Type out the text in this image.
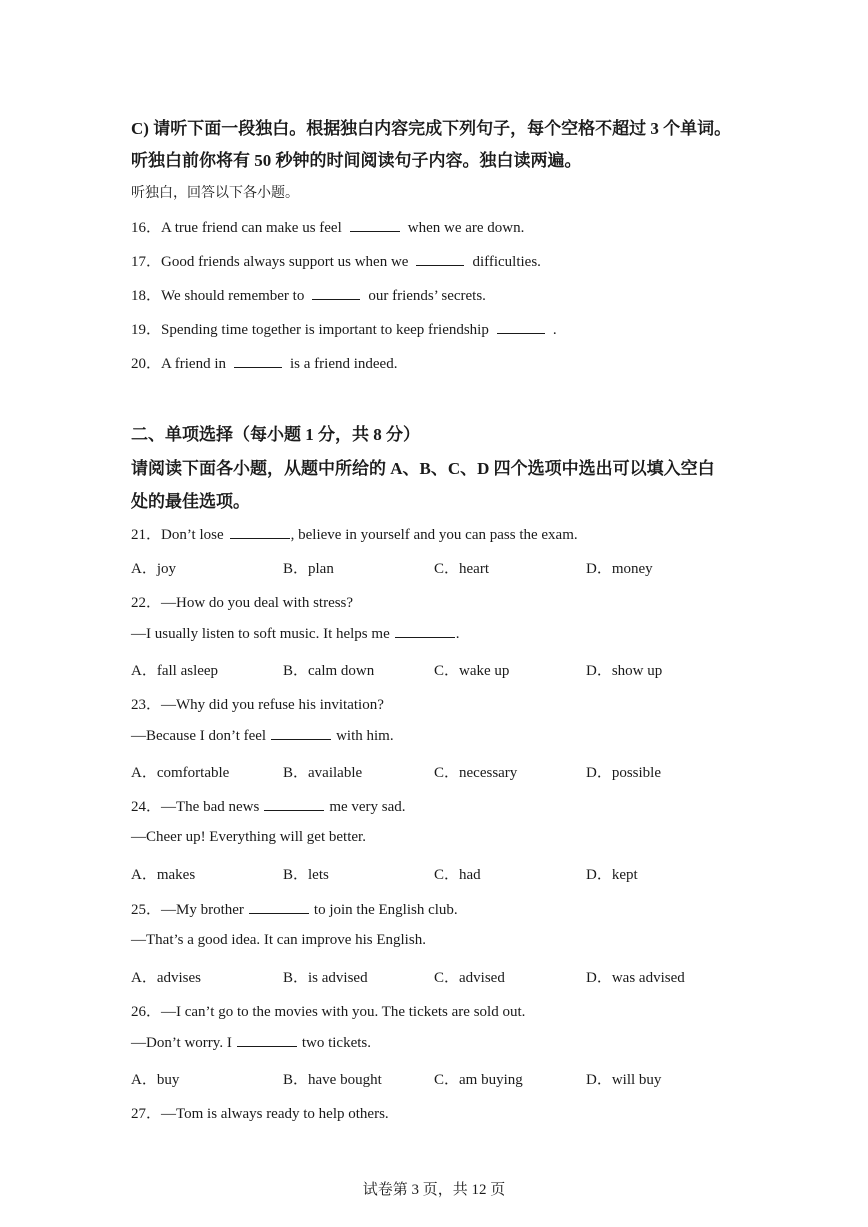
C) 请听下面一段独白。根据独白内容完成下列句子，每个空格不超过 3 个单词。
听独白前你将有 50 秒钟的时间阅读句子内容。独白读两遍。
听独白，回答以下各小题。
16．A true friend can make us feel	when we are down.
17．Good friends always support us when we	difficulties.
18．We should remember to	our friends’ secrets.
19．Spending time together is important to keep friendship	.
20．A friend in	is a friend indeed.
二、单项选择（每小题 1 分，共 8 分）
请阅读下面各小题，从题中所给的 A、B、C、D 四个选项中选出可以填入空白
处的最佳选项。
21．Don’t lose	, believe in yourself and you can pass the exam.
A．joy	B．plan	C．heart	D．money
22．—How do you deal with stress?
—I usually listen to soft music. It helps me	.
A．fall asleep	B．calm down	C．wake up	D．show up
23．—Why did you refuse his invitation?
—Because I don’t feel	with him.
A．comfortable	B．available	C．necessary	D．possible
24．—The bad news	me very sad.
—Cheer up! Everything will get better.
A．makes	B．lets	C．had	D．kept
25．—My brother	to join the English club.
—That’s a good idea. It can improve his English.
A．advises	B．is advised	C．advised	D．was advised
26．—I can’t go to the movies with you. The tickets are sold out.
—Don’t worry. I	two tickets.
A．buy	B．have bought	C．am buying	D．will buy
27．—Tom is always ready to help others.
试卷第 3 页，共 12 页
